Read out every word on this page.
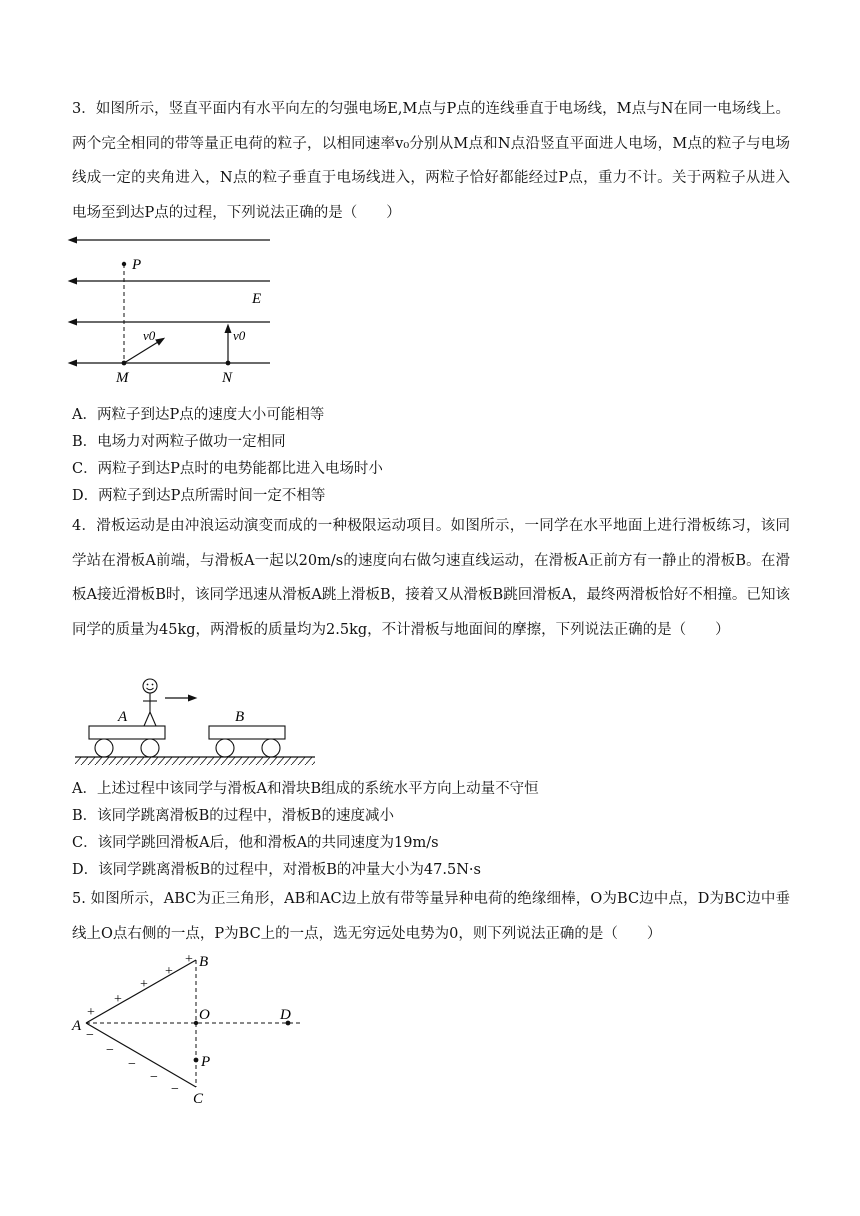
3．如图所示，竖直平面内有水平向左的匀强电场E,M点与P点的连线垂直于电场线，M点与N在同一电场线上。两个完全相同的带等量正电荷的粒子，以相同速率v₀分别从M点和N点沿竖直平面进人电场，M点的粒子与电场线成一定的夹角进入，N点的粒子垂直于电场线进入，两粒子恰好都能经过P点，重力不计。关于两粒子从进入电场至到达P点的过程，下列说法正确的是（　　）

P
E
v0	v0
M	N

A．两粒子到达P点的速度大小可能相等

B．电场力对两粒子做功一定相同

C．两粒子到达P点时的电势能都比进入电场时小

D．两粒子到达P点所需时间一定不相等

4．滑板运动是由冲浪运动演变而成的一种极限运动项目。如图所示，一同学在水平地面上进行滑板练习，该同学站在滑板A前端，与滑板A一起以20m/s的速度向右做匀速直线运动，在滑板A正前方有一静止的滑板B。在滑板A接近滑板B时，该同学迅速从滑板A跳上滑板B，接着又从滑板B跳回滑板A，最终两滑板恰好不相撞。已知该同学的质量为45kg，两滑板的质量均为2.5kg，不计滑板与地面间的摩擦，下列说法正确的是（　　）

A	B

A．上述过程中该同学与滑板A和滑块B组成的系统水平方向上动量不守恒

B．该同学跳离滑板B的过程中，滑板B的速度减小

C．该同学跳回滑板A后，他和滑板A的共同速度为19m/s

D．该同学跳离滑板B的过程中，对滑板B的冲量大小为47.5N·s

5. 如图所示，ABC为正三角形，AB和AC边上放有带等量异种电荷的绝缘细棒，O为BC边中点，D为BC边中垂线上O点右侧的一点，P为BC上的一点，选无穷远处电势为0，则下列说法正确的是（　　）

+
+
+
+
+
−
−
−
−
−
A
B
C
O	D
P
